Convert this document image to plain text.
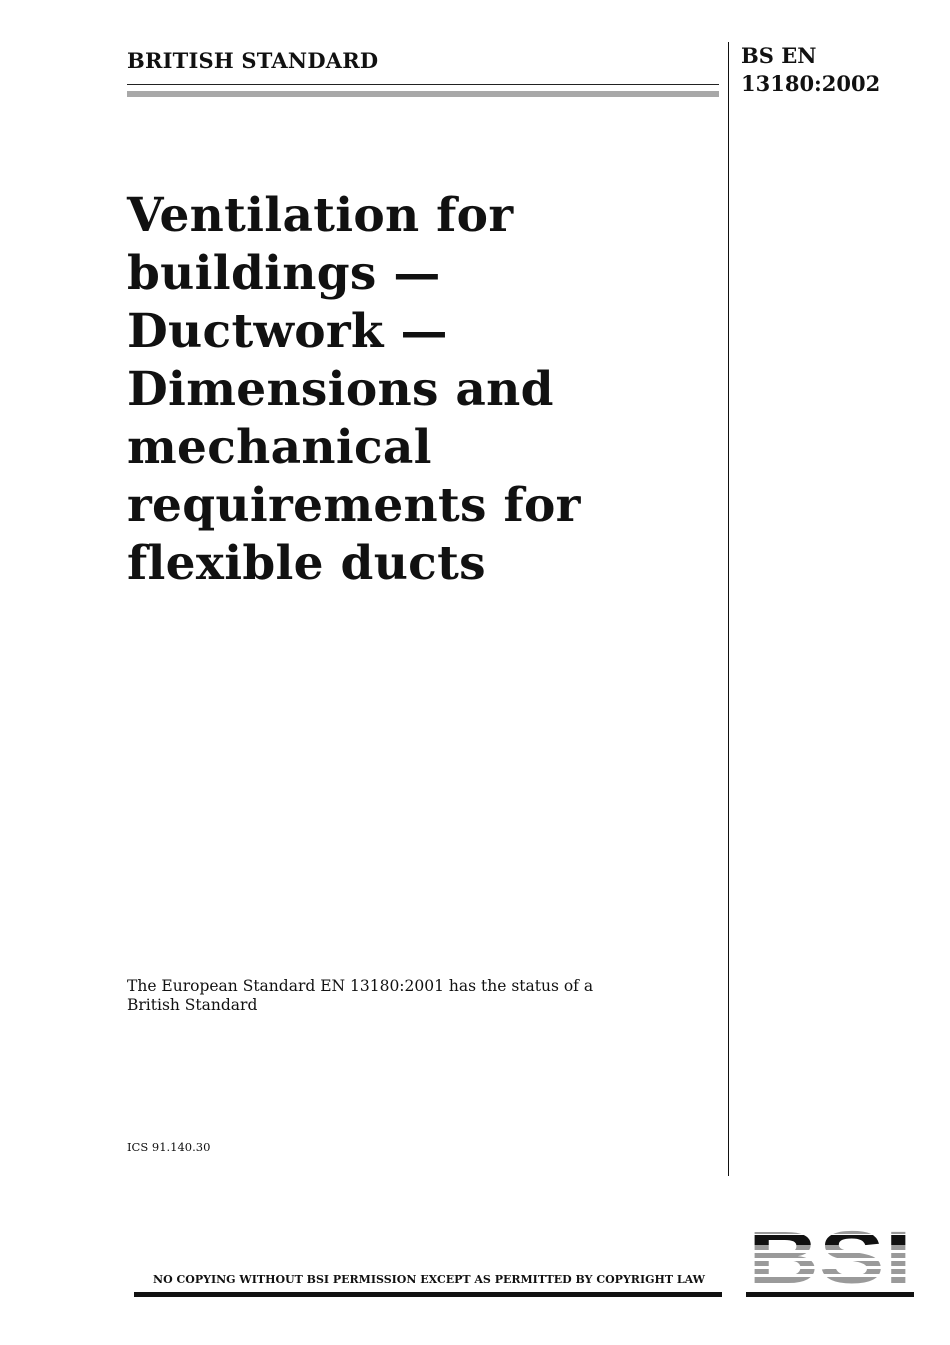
BRITISH STANDARD	BS EN
13180:2002
Ventilation for
buildings —
Ductwork —
Dimensions and
mechanical
requirements for
flexible ducts
The European Standard EN 13180:2001 has the status of a
British Standard
ICS 91.140.30
NO COPYING WITHOUT BSI PERMISSION EXCEPT AS PERMITTED BY COPYRIGHT LAW
